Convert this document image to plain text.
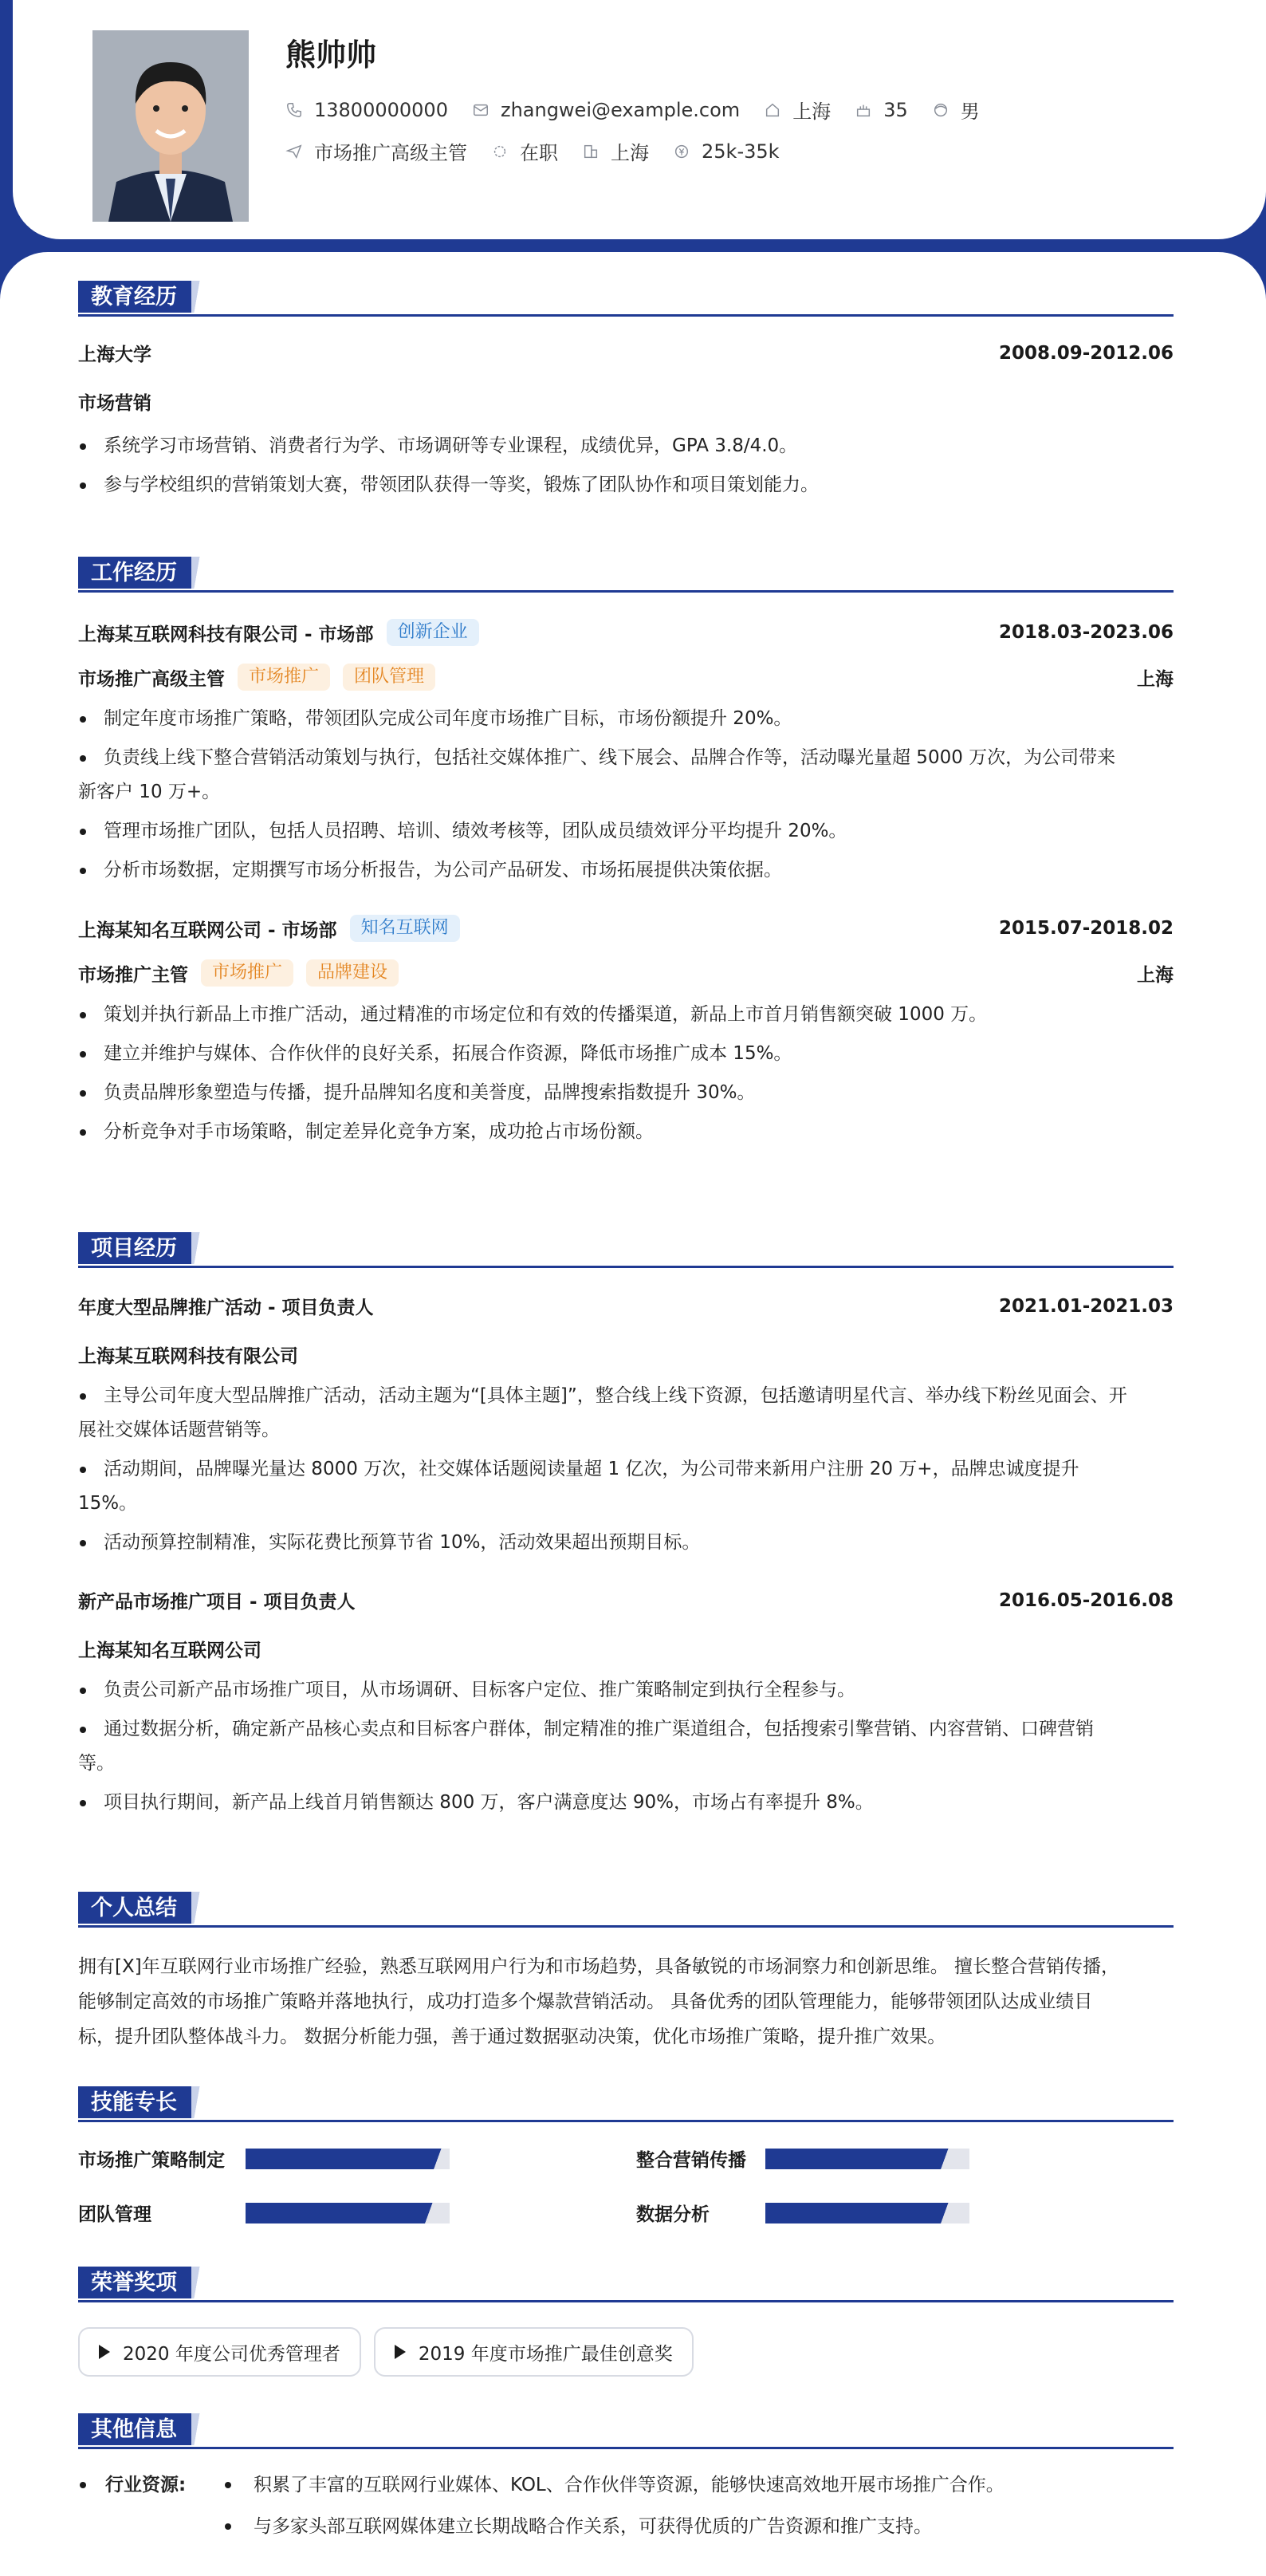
熊帅帅
13800000000	zhangwei@example.com	上海	35	男
市场推广高级主管	在职	上海	25k-35k
教育经历
上海大学	2008.09-2012.06
市场营销
系统学习市场营销、消费者行为学、市场调研等专业课程，成绩优异，GPA 3.8/4.0。
参与学校组织的营销策划大赛，带领团队获得一等奖，锻炼了团队协作和项目策划能力。
工作经历
上海某互联网科技有限公司 - 市场部	创新企业	2018.03-2023.06
市场推广高级主管	市场推广	团队管理	上海
制定年度市场推广策略，带领团队完成公司年度市场推广目标，市场份额提升 20%。
负责线上线下整合营销活动策划与执行，包括社交媒体推广、线下展会、品牌合作等，活动曝光量超 5000 万次，为公司带来
新客户 10 万+。
管理市场推广团队，包括人员招聘、培训、绩效考核等，团队成员绩效评分平均提升 20%。
分析市场数据，定期撰写市场分析报告，为公司产品研发、市场拓展提供决策依据。
上海某知名互联网公司 - 市场部	知名互联网	2015.07-2018.02
市场推广主管	市场推广	品牌建设	上海
策划并执行新品上市推广活动，通过精准的市场定位和有效的传播渠道，新品上市首月销售额突破 1000 万。
建立并维护与媒体、合作伙伴的良好关系，拓展合作资源，降低市场推广成本 15%。
负责品牌形象塑造与传播，提升品牌知名度和美誉度，品牌搜索指数提升 30%。
分析竞争对手市场策略，制定差异化竞争方案，成功抢占市场份额。
项目经历
年度大型品牌推广活动 - 项目负责人	2021.01-2021.03
上海某互联网科技有限公司
主导公司年度大型品牌推广活动，活动主题为“[具体主题]”，整合线上线下资源，包括邀请明星代言、举办线下粉丝见面会、开
展社交媒体话题营销等。
活动期间，品牌曝光量达 8000 万次，社交媒体话题阅读量超 1 亿次，为公司带来新用户注册 20 万+，品牌忠诚度提升
15%。
活动预算控制精准，实际花费比预算节省 10%，活动效果超出预期目标。
新产品市场推广项目 - 项目负责人	2016.05-2016.08
上海某知名互联网公司
负责公司新产品市场推广项目，从市场调研、目标客户定位、推广策略制定到执行全程参与。
通过数据分析，确定新产品核心卖点和目标客户群体，制定精准的推广渠道组合，包括搜索引擎营销、内容营销、口碑营销
等。
项目执行期间，新产品上线首月销售额达 800 万，客户满意度达 90%，市场占有率提升 8%。
个人总结
拥有[X]年互联网行业市场推广经验，熟悉互联网用户行为和市场趋势，具备敏锐的市场洞察力和创新思维。 擅长整合营销传播，
能够制定高效的市场推广策略并落地执行，成功打造多个爆款营销活动。 具备优秀的团队管理能力，能够带领团队达成业绩目
标，提升团队整体战斗力。 数据分析能力强，善于通过数据驱动决策，优化市场推广策略，提升推广效果。
技能专长
市场推广策略制定	整合营销传播
团队管理	数据分析
荣誉奖项
2020 年度公司优秀管理者	2019 年度市场推广最佳创意奖
其他信息
行业资源:	积累了丰富的互联网行业媒体、KOL、合作伙伴等资源，能够快速高效地开展市场推广合作。
与多家头部互联网媒体建立长期战略合作关系，可获得优质的广告资源和推广支持。
